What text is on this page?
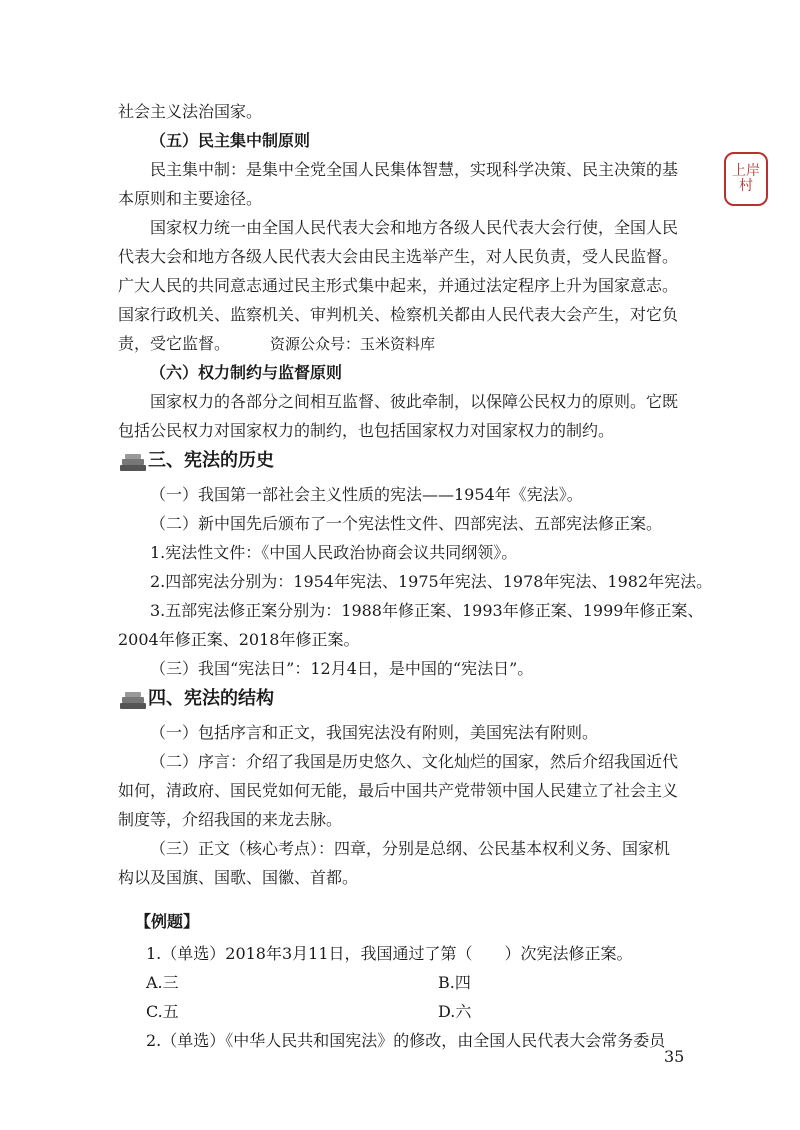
上岸
村
社会主义法治国家。
（五）民主集中制原则
民主集中制：是集中全党全国人民集体智慧，实现科学决策、民主决策的基
本原则和主要途径。
国家权力统一由全国人民代表大会和地方各级人民代表大会行使，全国人民
代表大会和地方各级人民代表大会由民主选举产生，对人民负责，受人民监督。
广大人民的共同意志通过民主形式集中起来，并通过法定程序上升为国家意志。
国家行政机关、监察机关、审判机关、检察机关都由人民代表大会产生，对它负
责，受它监督。	资源公众号：玉米资料库
（六）权力制约与监督原则
国家权力的各部分之间相互监督、彼此牵制，以保障公民权力的原则。它既
包括公民权力对国家权力的制约，也包括国家权力对国家权力的制约。
三、宪法的历史
（一）我国第一部社会主义性质的宪法——1954年《宪法》。
（二）新中国先后颁布了一个宪法性文件、四部宪法、五部宪法修正案。
1.宪法性文件：《中国人民政治协商会议共同纲领》。
2.四部宪法分别为：1954年宪法、1975年宪法、1978年宪法、1982年宪法。
3.五部宪法修正案分别为：1988年修正案、1993年修正案、1999年修正案、
2004年修正案、2018年修正案。
（三）我国“宪法日”：12月4日，是中国的“宪法日”。
四、宪法的结构
（一）包括序言和正文，我国宪法没有附则，美国宪法有附则。
（二）序言：介绍了我国是历史悠久、文化灿烂的国家，然后介绍我国近代
如何，清政府、国民党如何无能，最后中国共产党带领中国人民建立了社会主义
制度等，介绍我国的来龙去脉。
（三）正文（核心考点）：四章，分别是总纲、公民基本权利义务、国家机
构以及国旗、国歌、国徽、首都。
【例题】
1.（单选）2018年3月11日，我国通过了第（　　）次宪法修正案。
A.三	B.四
C.五	D.六
2.（单选）《中华人民共和国宪法》的修改，由全国人民代表大会常务委员
35
